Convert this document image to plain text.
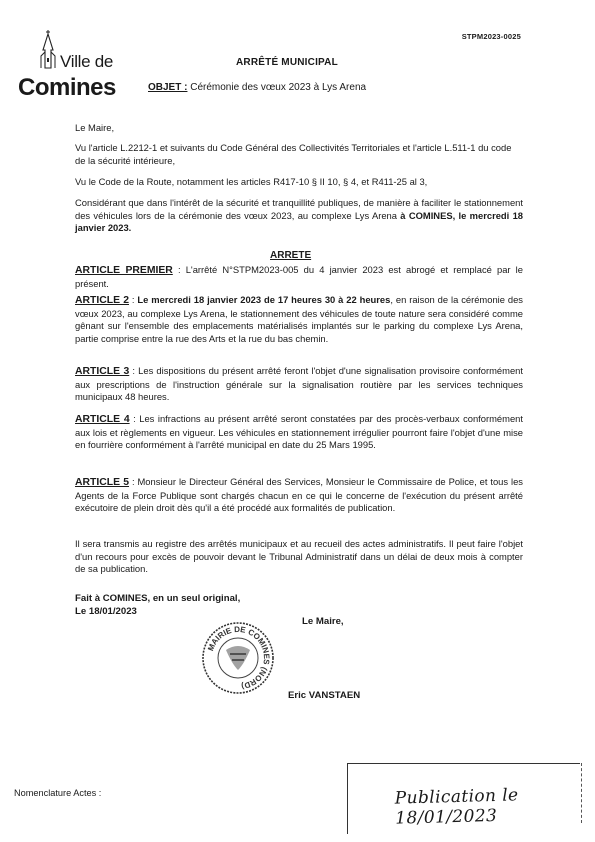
STPM2023-0025
Ville de
Comines
ARRÊTÉ MUNICIPAL
OBJET : Cérémonie des vœux 2023 à Lys Arena
Le Maire,
Vu l'article L.2212-1 et suivants du Code Général des Collectivités Territoriales et l'article L.511-1 du code de la sécurité intérieure,
Vu le Code de la Route, notamment les articles R417-10 § II 10, § 4, et R411-25 al 3,
Considérant que dans l'intérêt de la sécurité et tranquillité publiques, de manière à faciliter le stationnement des véhicules lors de la cérémonie des vœux 2023, au complexe Lys Arena à COMINES, le mercredi 18 janvier 2023.
ARRETE
ARTICLE PREMIER : L'arrêté N°STPM2023-005 du 4 janvier 2023 est abrogé et remplacé par le présent.
ARTICLE 2 : Le mercredi 18 janvier 2023 de 17 heures 30 à 22 heures, en raison de la cérémonie des vœux 2023, au complexe Lys Arena, le stationnement des véhicules de toute nature sera considéré comme gênant sur l'ensemble des emplacements matérialisés implantés sur le parking du complexe Lys Arena, partie comprise entre la rue des Arts et la rue du bas chemin.
ARTICLE 3 : Les dispositions du présent arrêté feront l'objet d'une signalisation provisoire conformément aux prescriptions de l'instruction générale sur la signalisation routière par les services techniques municipaux 48 heures.
ARTICLE 4 : Les infractions au présent arrêté seront constatées par des procès-verbaux conformément aux lois et règlements en vigueur. Les véhicules en stationnement irrégulier pourront faire l'objet d'une mise en fourrière conformément à l'arrêté municipal en date du 25 Mars 1995.
ARTICLE 5 : Monsieur le Directeur Général des Services, Monsieur le Commissaire de Police, et tous les Agents de la Force Publique sont chargés chacun en ce qui le concerne de l'exécution du présent arrêté exécutoire de plein droit dès qu'il a été procédé aux formalités de publication.
Il sera transmis au registre des arrêtés municipaux et au recueil des actes administratifs. Il peut faire l'objet d'un recours pour excès de pouvoir devant le Tribunal Administratif dans un délai de deux mois à compter de sa publication.
Fait à COMINES, en un seul original,
Le 18/01/2023
Le Maire,
MAIRIE DE COMINES (NORD)
Eric VANSTAEN
Nomenclature Actes :	Publication le 18/01/2023
